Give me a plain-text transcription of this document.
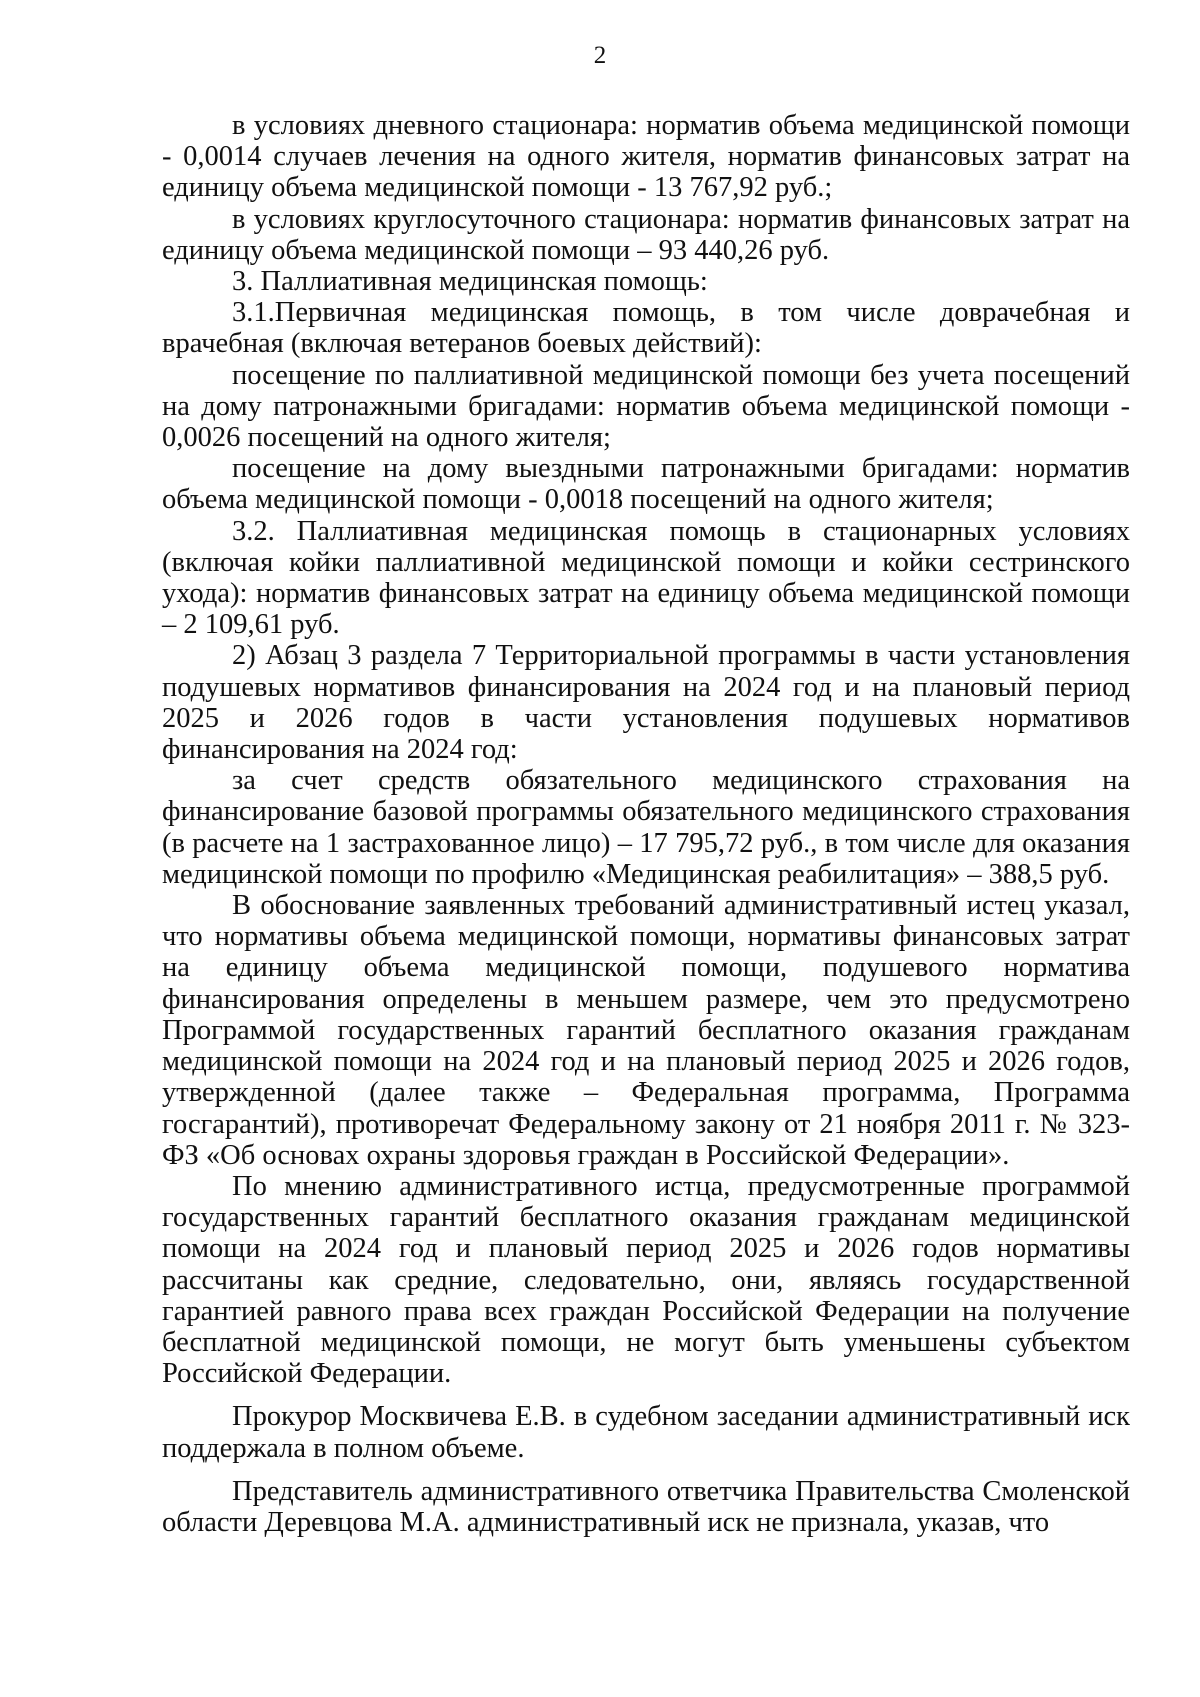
2

в условиях дневного стационара: норматив объема медицинской помощи - 0,0014 случаев лечения на одного жителя, норматив финансовых затрат на единицу объема медицинской помощи - 13 767,92 руб.;

в условиях круглосуточного стационара: норматив финансовых затрат на единицу объема медицинской помощи – 93 440,26 руб.

3. Паллиативная медицинская помощь:

3.1.Первичная медицинская помощь, в том числе доврачебная и врачебная (включая ветеранов боевых действий):

посещение по паллиативной медицинской помощи без учета посещений на дому патронажными бригадами: норматив объема медицинской помощи - 0,0026 посещений на одного жителя;

посещение на дому выездными патронажными бригадами: норматив объема медицинской помощи - 0,0018 посещений на одного жителя;

3.2. Паллиативная медицинская помощь в стационарных условиях (включая койки паллиативной медицинской помощи и койки сестринского ухода): норматив финансовых затрат на единицу объема медицинской помощи – 2 109,61 руб.

2) Абзац 3 раздела 7 Территориальной программы в части установления подушевых нормативов финансирования на 2024 год и на плановый период 2025 и 2026 годов в части установления подушевых нормативов финансирования на 2024 год:

за счет средств обязательного медицинского страхования на финансирование базовой программы обязательного медицинского страхования (в расчете на 1 застрахованное лицо) – 17 795,72 руб., в том числе для оказания медицинской помощи по профилю «Медицинская реабилитация» – 388,5 руб.

В обоснование заявленных требований административный истец указал, что нормативы объема медицинской помощи, нормативы финансовых затрат на единицу объема медицинской помощи, подушевого норматива финансирования определены в меньшем размере, чем это предусмотрено Программой государственных гарантий бесплатного оказания гражданам медицинской помощи на 2024 год и на плановый период 2025 и 2026 годов, утвержденной (далее также – Федеральная программа, Программа госгарантий), противоречат Федеральному закону от 21 ноября 2011 г. № 323-ФЗ «Об основах охраны здоровья граждан в Российской Федерации».

По мнению административного истца, предусмотренные программой государственных гарантий бесплатного оказания гражданам медицинской помощи на 2024 год и плановый период 2025 и 2026 годов нормативы рассчитаны как средние, следовательно, они, являясь государственной гарантией равного права всех граждан Российской Федерации на получение бесплатной медицинской помощи, не могут быть уменьшены субъектом Российской Федерации.

Прокурор Москвичева Е.В. в судебном заседании административный иск поддержала в полном объеме.

Представитель административного ответчика Правительства Смоленской области Деревцова М.А. административный иск не признала, указав, что
